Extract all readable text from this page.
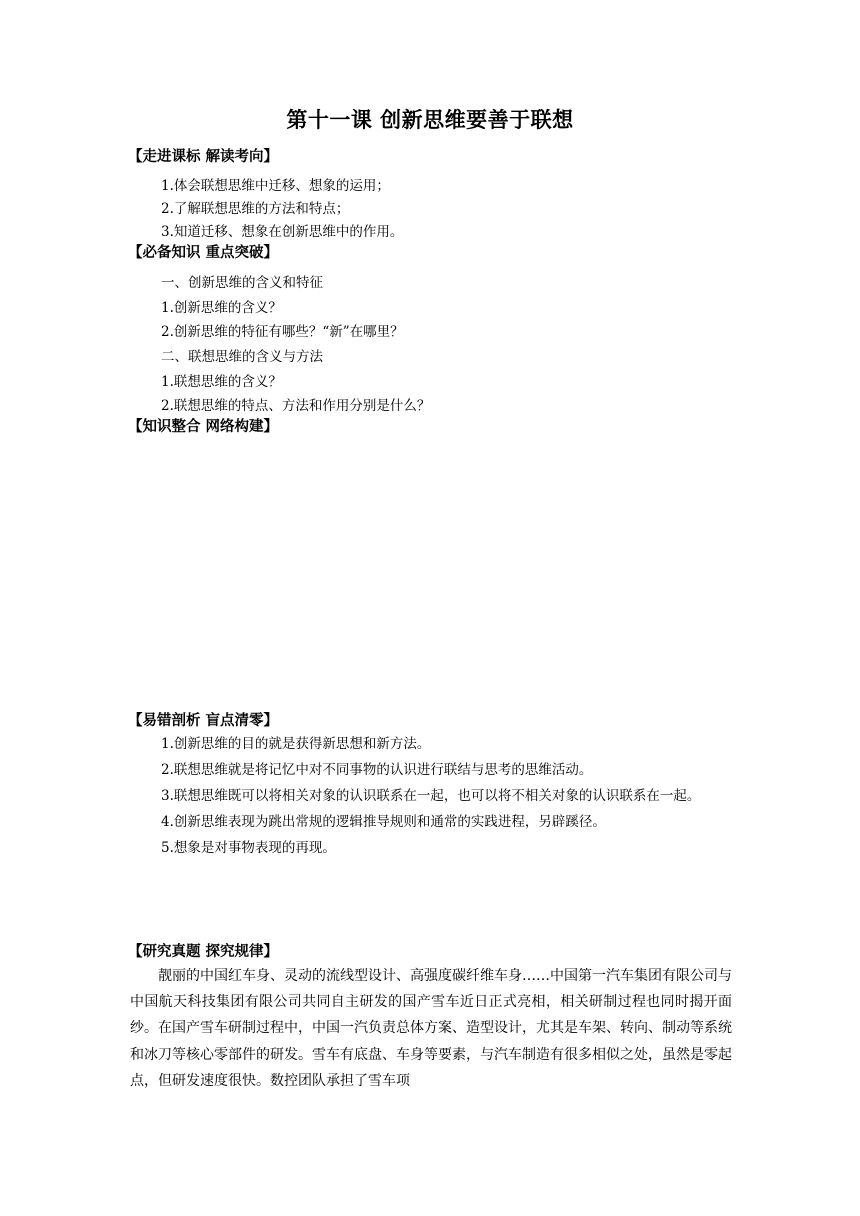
第十一课 创新思维要善于联想
【走进课标 解读考向】
1.体会联想思维中迁移、想象的运用；
2.了解联想思维的方法和特点；
3.知道迁移、想象在创新思维中的作用。
【必备知识 重点突破】
一、创新思维的含义和特征
1.创新思维的含义？
2.创新思维的特征有哪些？“新”在哪里？
二、联想思维的含义与方法
1.联想思维的含义？
2.联想思维的特点、方法和作用分别是什么？
【知识整合 网络构建】
【易错剖析 盲点清零】

1.创新思维的目的就是获得新思想和新方法。

2.联想思维就是将记忆中对不同事物的认识进行联结与思考的思维活动。

3.联想思维既可以将相关对象的认识联系在一起，也可以将不相关对象的认识联系在一起。

4.创新思维表现为跳出常规的逻辑推导规则和通常的实践进程，另辟蹊径。

5.想象是对事物表现的再现。

【研究真题 探究规律】

靓丽的中国红车身、灵动的流线型设计、高强度碳纤维车身……中国第一汽车集团有限公司与中国航天科技集团有限公司共同自主研发的国产雪车近日正式亮相，相关研制过程也同时揭开面纱。在国产雪车研制过程中，中国一汽负责总体方案、造型设计，尤其是车架、转向、制动等系统和冰刀等核心零部件的研发。雪车有底盘、车身等要素，与汽车制造有很多相似之处，虽然是零起点，但研发速度很快。数控团队承担了雪车项
